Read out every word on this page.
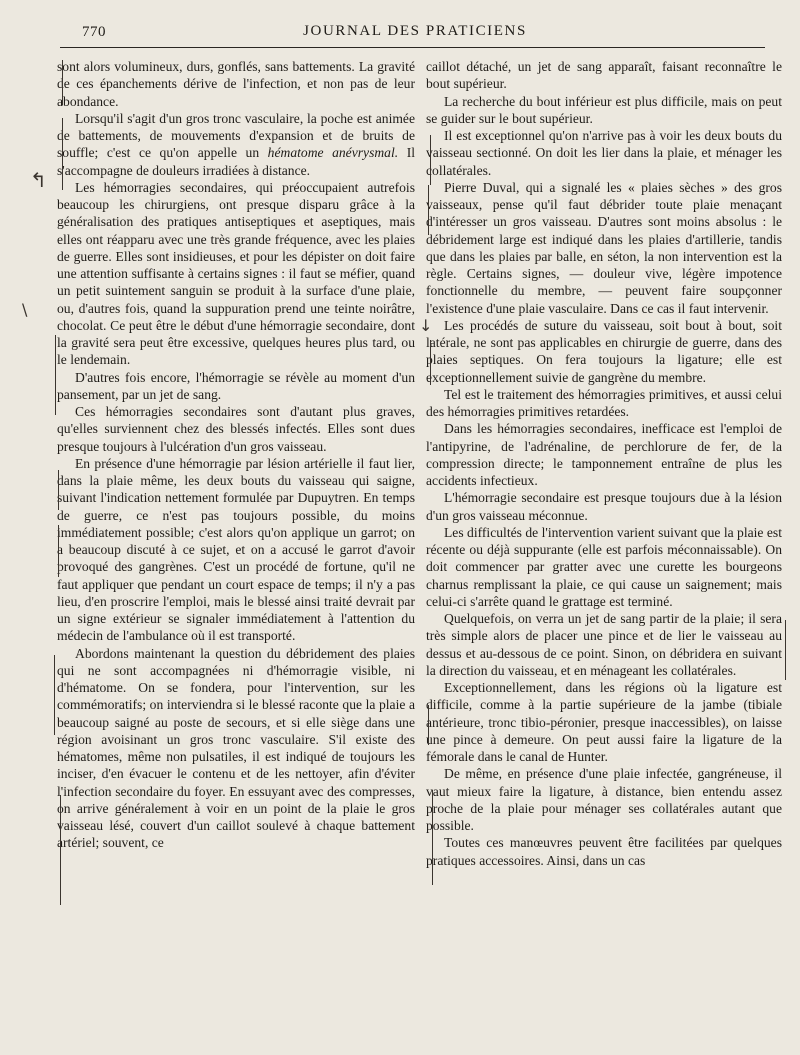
770	JOURNAL DES PRATICIENS

sont alors volumineux, durs, gonflés, sans battements. La gravité de ces épanchements dérive de l'infection, et non pas de leur abondance.

Lorsqu'il s'agit d'un gros tronc vasculaire, la poche est animée de battements, de mouvements d'expansion et de bruits de souffle; c'est ce qu'on appelle un hématome anévrysmal. Il s'accompagne de douleurs irradiées à distance.

Les hémorragies secondaires, qui préoccupaient autrefois beaucoup les chirurgiens, ont presque disparu grâce à la généralisation des pratiques antiseptiques et aseptiques, mais elles ont réapparu avec une très grande fréquence, avec les plaies de guerre. Elles sont insidieuses, et pour les dépister on doit faire une attention suffisante à certains signes : il faut se méfier, quand un petit suintement sanguin se produit à la surface d'une plaie, ou, d'autres fois, quand la suppuration prend une teinte noirâtre, chocolat. Ce peut être le début d'une hémorragie secondaire, dont la gravité sera peut être excessive, quelques heures plus tard, ou le lendemain.

D'autres fois encore, l'hémorragie se révèle au moment d'un pansement, par un jet de sang.

Ces hémorragies secondaires sont d'autant plus graves, qu'elles surviennent chez des blessés infectés. Elles sont dues presque toujours à l'ulcération d'un gros vaisseau.

En présence d'une hémorragie par lésion artérielle il faut lier, dans la plaie même, les deux bouts du vaisseau qui saigne, suivant l'indication nettement formulée par Dupuytren. En temps de guerre, ce n'est pas toujours possible, du moins immédiatement possible; c'est alors qu'on applique un garrot; on a beaucoup discuté à ce sujet, et on a accusé le garrot d'avoir provoqué des gangrènes. C'est un procédé de fortune, qu'il ne faut appliquer que pendant un court espace de temps; il n'y a pas lieu, d'en proscrire l'emploi, mais le blessé ainsi traité devrait par un signe extérieur se signaler immédiatement à l'attention du médecin de l'ambulance où il est transporté.

Abordons maintenant la question du débridement des plaies qui ne sont accompagnées ni d'hémorragie visible, ni d'hématome. On se fondera, pour l'intervention, sur les commémoratifs; on interviendra si le blessé raconte que la plaie a beaucoup saigné au poste de secours, et si elle siège dans une région avoisinant un gros tronc vasculaire. S'il existe des hématomes, même non pulsatiles, il est indiqué de toujours les inciser, d'en évacuer le contenu et de les nettoyer, afin d'éviter l'infection secondaire du foyer. En essuyant avec des compresses, on arrive généralement à voir en un point de la plaie le gros vaisseau lésé, couvert d'un caillot soulevé à chaque battement artériel; souvent, ce

caillot détaché, un jet de sang apparaît, faisant reconnaître le bout supérieur.

La recherche du bout inférieur est plus difficile, mais on peut se guider sur le bout supérieur.

Il est exceptionnel qu'on n'arrive pas à voir les deux bouts du vaisseau sectionné. On doit les lier dans la plaie, et ménager les collatérales.

Pierre Duval, qui a signalé les « plaies sèches » des gros vaisseaux, pense qu'il faut débrider toute plaie menaçant d'intéresser un gros vaisseau. D'autres sont moins absolus : le débridement large est indiqué dans les plaies d'artillerie, tandis que dans les plaies par balle, en séton, la non intervention est la règle. Certains signes, — douleur vive, légère impotence fonctionnelle du membre, — peuvent faire soupçonner l'existence d'une plaie vasculaire. Dans ce cas il faut intervenir.

Les procédés de suture du vaisseau, soit bout à bout, soit latérale, ne sont pas applicables en chirurgie de guerre, dans des plaies septiques. On fera toujours la ligature; elle est exceptionnellement suivie de gangrène du membre.

Tel est le traitement des hémorragies primitives, et aussi celui des hémorragies primitives retardées.

Dans les hémorragies secondaires, inefficace est l'emploi de l'antipyrine, de l'adrénaline, de perchlorure de fer, de la compression directe; le tamponnement entraîne de plus les accidents infectieux.

L'hémorragie secondaire est presque toujours due à la lésion d'un gros vaisseau méconnue.

Les difficultés de l'intervention varient suivant que la plaie est récente ou déjà suppurante (elle est parfois méconnaissable). On doit commencer par gratter avec une curette les bourgeons charnus remplissant la plaie, ce qui cause un saignement; mais celui-ci s'arrête quand le grattage est terminé.

Quelquefois, on verra un jet de sang partir de la plaie; il sera très simple alors de placer une pince et de lier le vaisseau au dessus et au-dessous de ce point. Sinon, on débridera en suivant la direction du vaisseau, et en ménageant les collatérales.

Exceptionnellement, dans les régions où la ligature est difficile, comme à la partie supérieure de la jambe (tibiale antérieure, tronc tibio-péronier, presque inaccessibles), on laisse une pince à demeure. On peut aussi faire la ligature de la fémorale dans le canal de Hunter.

De même, en présence d'une plaie infectée, gangréneuse, il vaut mieux faire la ligature, à distance, bien entendu assez proche de la plaie pour ménager ses collatérales autant que possible.

Toutes ces manœuvres peuvent être facilitées par quelques pratiques accessoires. Ainsi, dans un cas

↰
\
↓
